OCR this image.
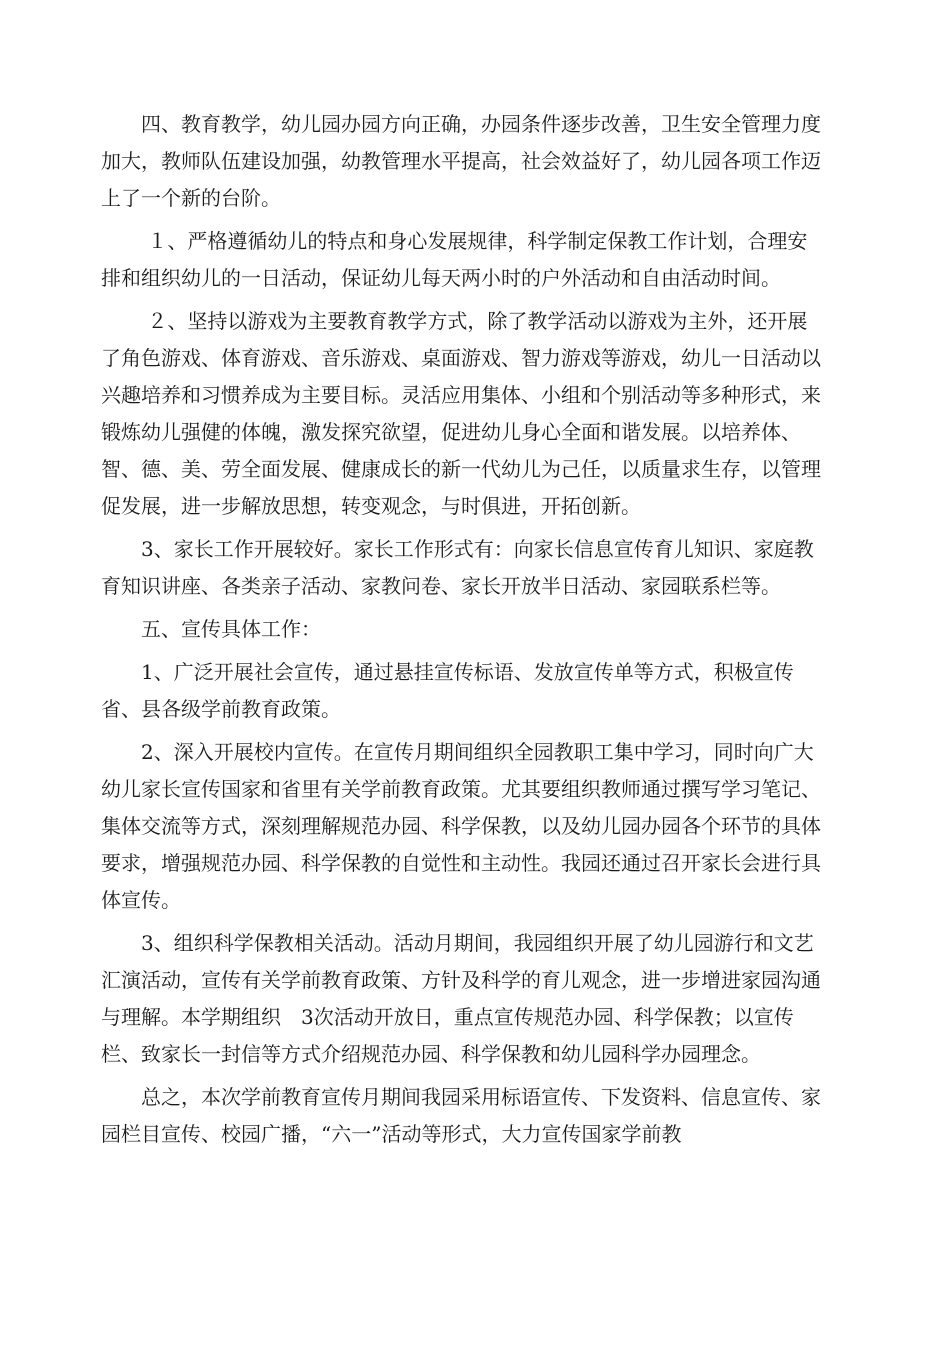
四、教育教学，幼儿园办园方向正确，办园条件逐步改善，卫生安全管理力度加大，教师队伍建设加强，幼教管理水平提高，社会效益好了，幼儿园各项工作迈上了一个新的台阶。

１、严格遵循幼儿的特点和身心发展规律，科学制定保教工作计划，合理安排和组织幼儿的一日活动，保证幼儿每天两小时的户外活动和自由活动时间。

２、坚持以游戏为主要教育教学方式，除了教学活动以游戏为主外，还开展了角色游戏、体育游戏、音乐游戏、桌面游戏、智力游戏等游戏，幼儿一日活动以兴趣培养和习惯养成为主要目标。灵活应用集体、小组和个别活动等多种形式，来锻炼幼儿强健的体魄，激发探究欲望，促进幼儿身心全面和谐发展。以培养体、智、德、美、劳全面发展、健康成长的新一代幼儿为己任，以质量求生存，以管理促发展，进一步解放思想，转变观念，与时俱进，开拓创新。

3、家长工作开展较好。家长工作形式有：向家长信息宣传育儿知识、家庭教育知识讲座、各类亲子活动、家教问卷、家长开放半日活动、家园联系栏等。

五、宣传具体工作：

1、广泛开展社会宣传，通过悬挂宣传标语、发放宣传单等方式，积极宣传省、县各级学前教育政策。

2、深入开展校内宣传。在宣传月期间组织全园教职工集中学习，同时向广大幼儿家长宣传国家和省里有关学前教育政策。尤其要组织教师通过撰写学习笔记、集体交流等方式，深刻理解规范办园、科学保教，以及幼儿园办园各个环节的具体要求，增强规范办园、科学保教的自觉性和主动性。我园还通过召开家长会进行具体宣传。

3、组织科学保教相关活动。活动月期间，我园组织开展了幼儿园游行和文艺汇演活动，宣传有关学前教育政策、方针及科学的育儿观念，进一步增进家园沟通与理解。本学期组织　3次活动开放日，重点宣传规范办园、科学保教；以宣传栏、致家长一封信等方式介绍规范办园、科学保教和幼儿园科学办园理念。

总之，本次学前教育宣传月期间我园采用标语宣传、下发资料、信息宣传、家园栏目宣传、校园广播，“六一”活动等形式，大力宣传国家学前教
